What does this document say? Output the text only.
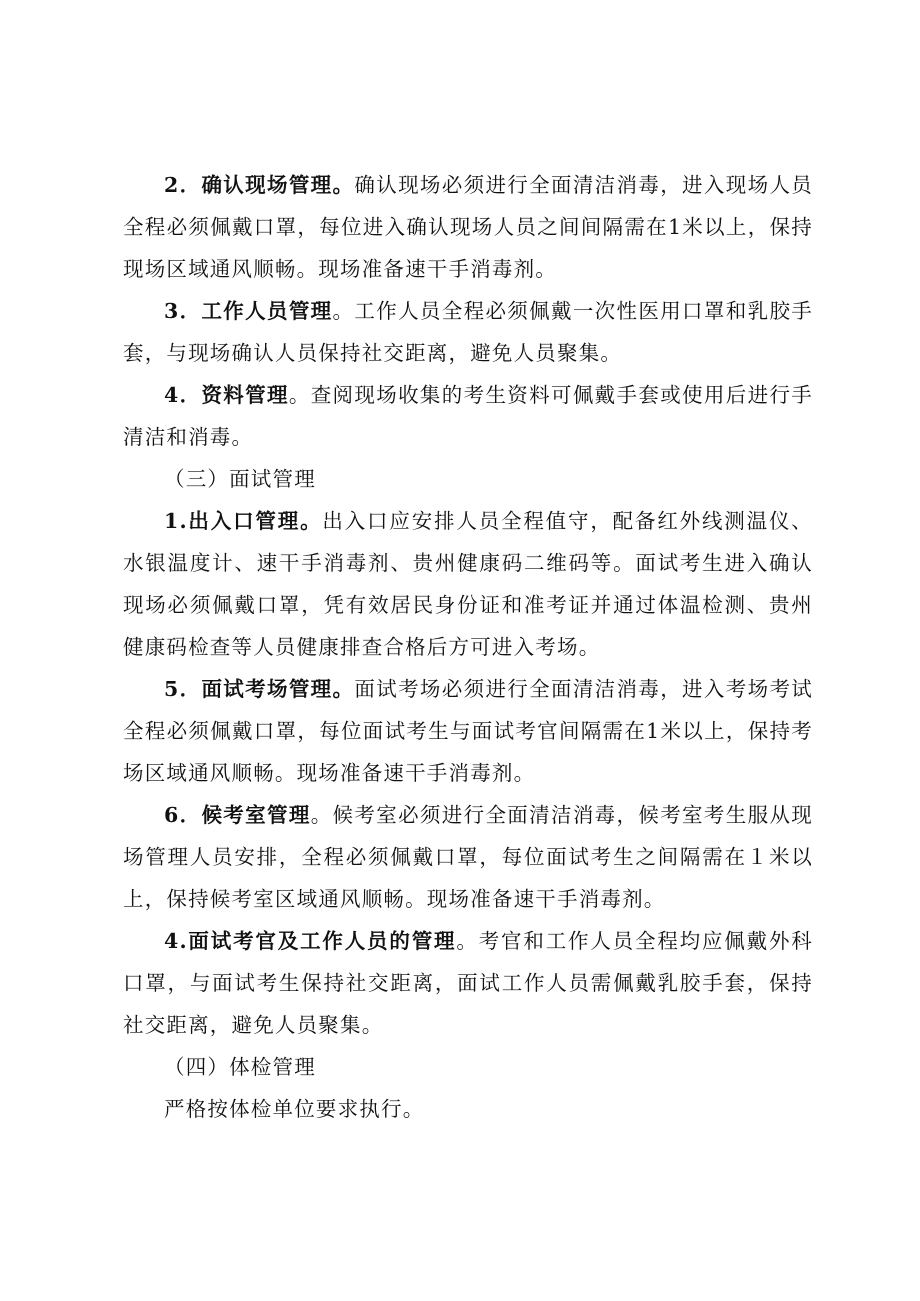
2．确认现场管理。确认现场必须进行全面清洁消毒，进入现场人员全程必须佩戴口罩，每位进入确认现场人员之间间隔需在1米以上，保持现场区域通风顺畅。现场准备速干手消毒剂。

3．工作人员管理。工作人员全程必须佩戴一次性医用口罩和乳胶手套，与现场确认人员保持社交距离，避免人员聚集。

4．资料管理。查阅现场收集的考生资料可佩戴手套或使用后进行手清洁和消毒。

（三）面试管理

1.出入口管理。出入口应安排人员全程值守，配备红外线测温仪、水银温度计、速干手消毒剂、贵州健康码二维码等。面试考生进入确认现场必须佩戴口罩，凭有效居民身份证和准考证并通过体温检测、贵州健康码检查等人员健康排查合格后方可进入考场。

5．面试考场管理。面试考场必须进行全面清洁消毒，进入考场考试全程必须佩戴口罩，每位面试考生与面试考官间隔需在1米以上，保持考场区域通风顺畅。现场准备速干手消毒剂。

6．候考室管理。候考室必须进行全面清洁消毒，候考室考生服从现场管理人员安排，全程必须佩戴口罩，每位面试考生之间隔需在１米以上，保持候考室区域通风顺畅。现场准备速干手消毒剂。

4.面试考官及工作人员的管理。考官和工作人员全程均应佩戴外科口罩，与面试考生保持社交距离，面试工作人员需佩戴乳胶手套，保持社交距离，避免人员聚集。

（四）体检管理

严格按体检单位要求执行。
